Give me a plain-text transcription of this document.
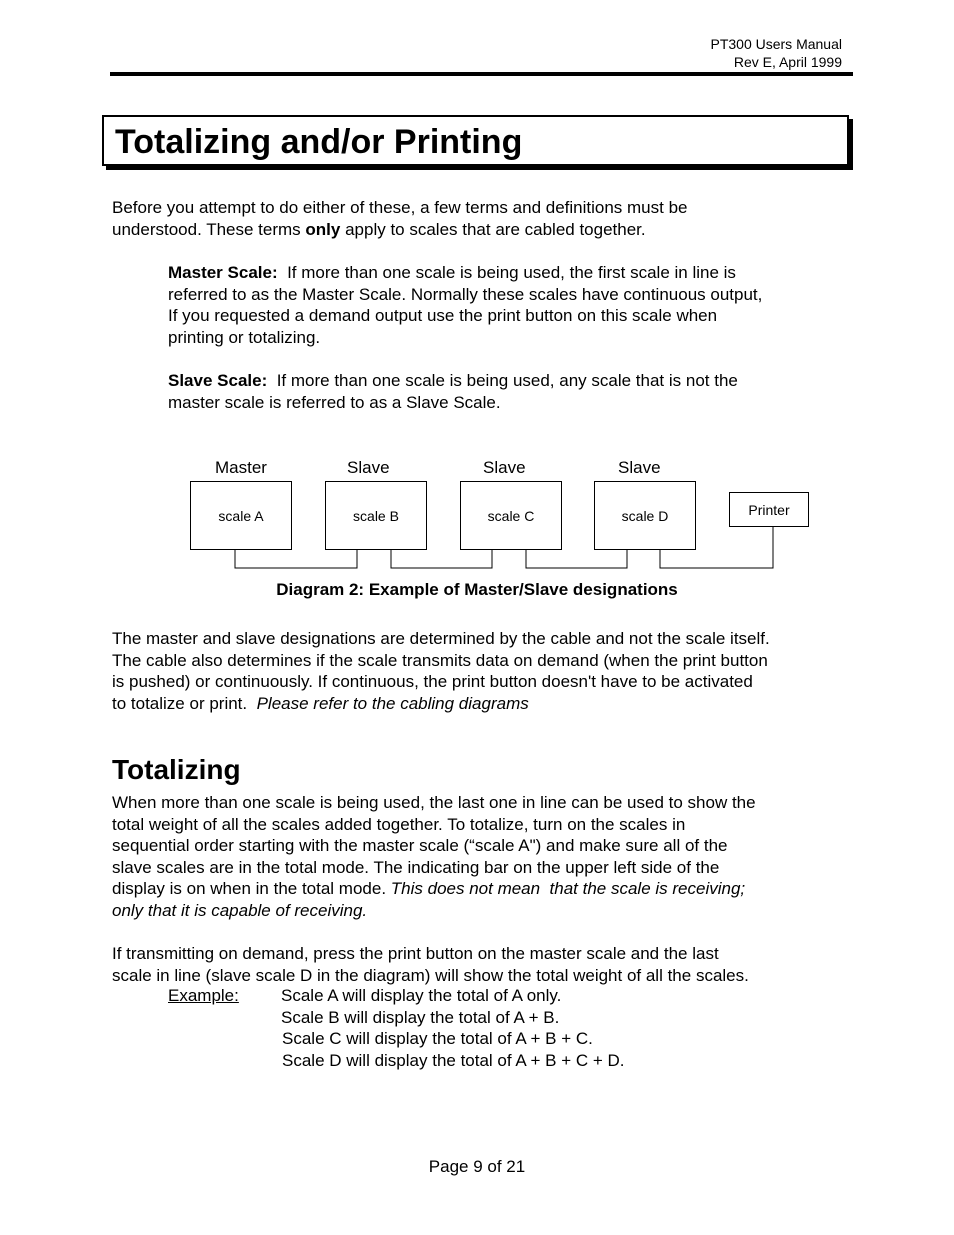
PT300 Users Manual
Rev E, April 1999
Totalizing and/or Printing
Before you attempt to do either of these, a few terms and definitions must be
understood. These terms only apply to scales that are cabled together.
Master Scale:  If more than one scale is being used, the first scale in line is
referred to as the Master Scale. Normally these scales have continuous output,
If you requested a demand output use the print button on this scale when
printing or totalizing.
Slave Scale:  If more than one scale is being used, any scale that is not the
master scale is referred to as a Slave Scale.
Master	Slave	Slave	Slave
scale A	scale B	scale C	scale D	Printer
Diagram 2: Example of Master/Slave designations
The master and slave designations are determined by the cable and not the scale itself.
The cable also determines if the scale transmits data on demand (when the print button
is pushed) or continuously. If continuous, the print button doesn't have to be activated
to totalize or print.  Please refer to the cabling diagrams
Totalizing
When more than one scale is being used, the last one in line can be used to show the
total weight of all the scales added together. To totalize, turn on the scales in
sequential order starting with the master scale (“scale A") and make sure all of the
slave scales are in the total mode. The indicating bar on the upper left side of the
display is on when in the total mode. This does not mean  that the scale is receiving;
only that it is capable of receiving.
If transmitting on demand, press the print button on the master scale and the last
scale in line (slave scale D in the diagram) will show the total weight of all the scales.
Example: Scale A will display the total of A only.
Scale B will display the total of A + B.
Scale C will display the total of A + B + C.
Scale D will display the total of A + B + C + D.
Page 9 of 21
